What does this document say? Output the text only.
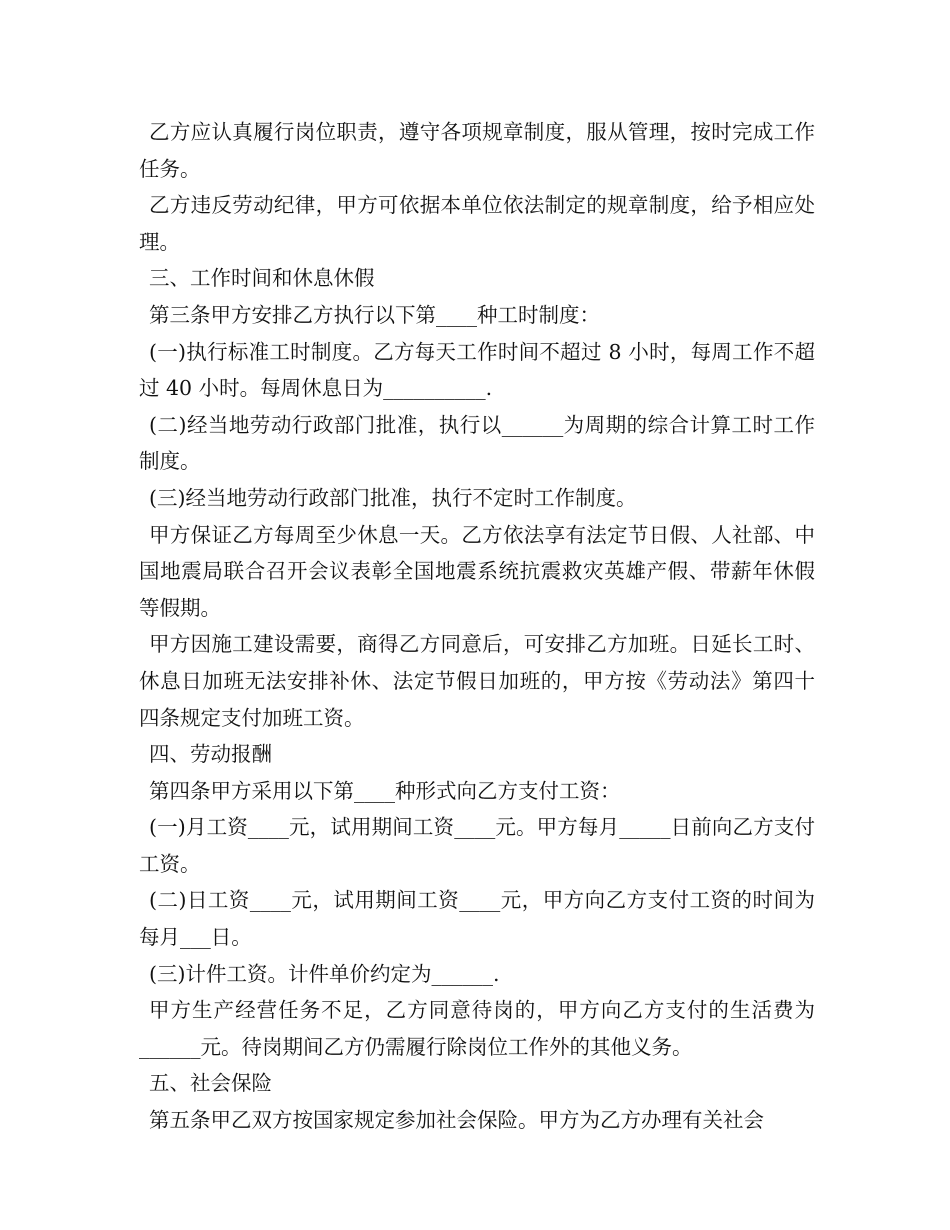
乙方应认真履行岗位职责，遵守各项规章制度，服从管理，按时完成工作任务。

乙方违反劳动纪律，甲方可依据本单位依法制定的规章制度，给予相应处理。

三、工作时间和休息休假

第三条甲方安排乙方执行以下第____种工时制度：

(一)执行标准工时制度。乙方每天工作时间不超过 8 小时，每周工作不超过 40 小时。每周休息日为__________.

(二)经当地劳动行政部门批准，执行以______为周期的综合计算工时工作制度。

(三)经当地劳动行政部门批准，执行不定时工作制度。

甲方保证乙方每周至少休息一天。乙方依法享有法定节日假、人社部、中国地震局联合召开会议表彰全国地震系统抗震救灾英雄产假、带薪年休假等假期。

甲方因施工建设需要，商得乙方同意后，可安排乙方加班。日延长工时、休息日加班无法安排补休、法定节假日加班的，甲方按《劳动法》第四十四条规定支付加班工资。

四、劳动报酬

第四条甲方采用以下第____种形式向乙方支付工资：

(一)月工资____元，试用期间工资____元。甲方每月_____日前向乙方支付工资。

(二)日工资____元，试用期间工资____元，甲方向乙方支付工资的时间为每月___日。

(三)计件工资。计件单价约定为______.

甲方生产经营任务不足，乙方同意待岗的，甲方向乙方支付的生活费为______元。待岗期间乙方仍需履行除岗位工作外的其他义务。

五、社会保险

第五条甲乙双方按国家规定参加社会保险。甲方为乙方办理有关社会
